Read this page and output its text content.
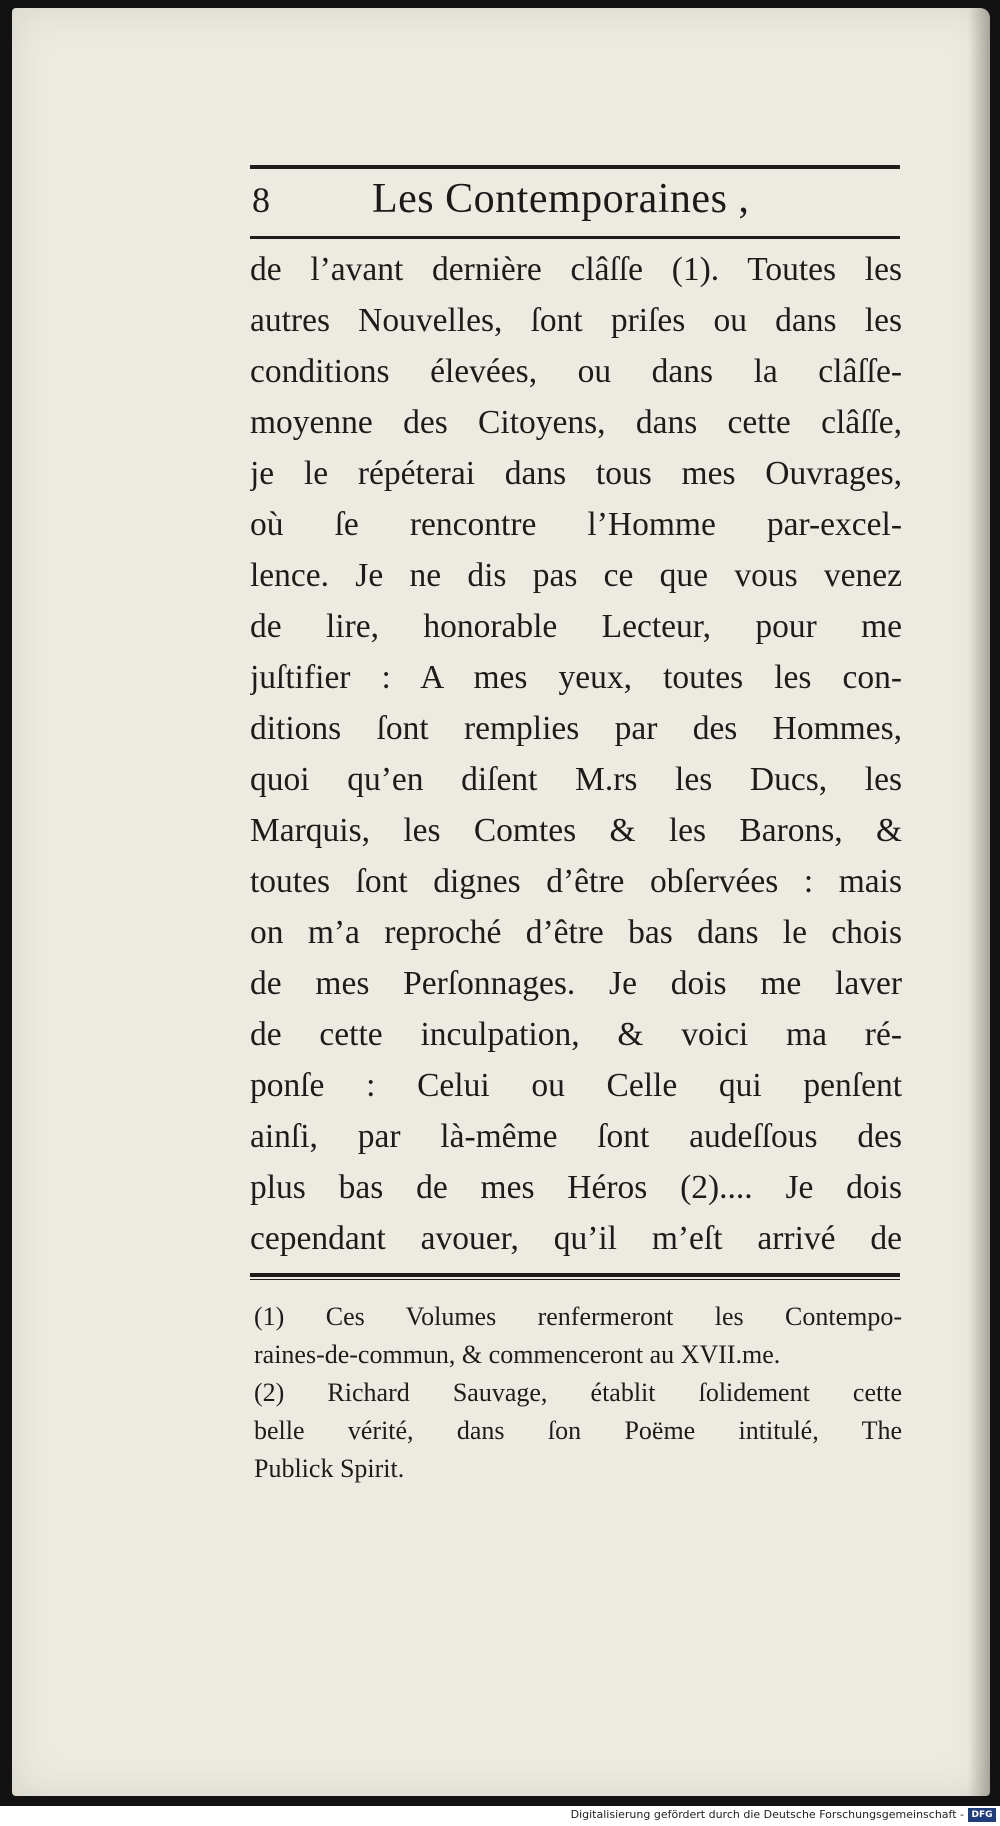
8 Les Contemporaines ,
de l’avant dernière clâſſe (1). Toutes les
autres Nouvelles, ſont priſes ou dans les
conditions élevées, ou dans la clâſſe-
moyenne des Citoyens, dans cette clâſſe,
je le répéterai dans tous mes Ouvrages,
où ſe rencontre l’Homme par-excel-
lence. Je ne dis pas ce que vous venez
de lire, honorable Lecteur, pour me
juſtifier : A mes yeux, toutes les con-
ditions ſont remplies par des Hommes,
quoi qu’en diſent M.rs les Ducs, les
Marquis, les Comtes & les Barons, &
toutes ſont dignes d’être obſervées : mais
on m’a reproché d’être bas dans le chois
de mes Perſonnages. Je dois me laver
de cette inculpation, & voici ma ré-
ponſe : Celui ou Celle qui penſent
ainſi, par là-même ſont audeſſous des
plus bas de mes Héros (2).... Je dois
cependant avouer, qu’il m’eſt arrivé de
(1) Ces Volumes renfermeront les Contempo-
raines-de-commun, & commenceront au XVII.me.
(2) Richard Sauvage, établit ſolidement cette
belle vérité, dans ſon Poëme intitulé, The
Publick Spirit.
Digitalisierung gefördert durch die Deutsche Forschungsgemeinschaft - DFG
